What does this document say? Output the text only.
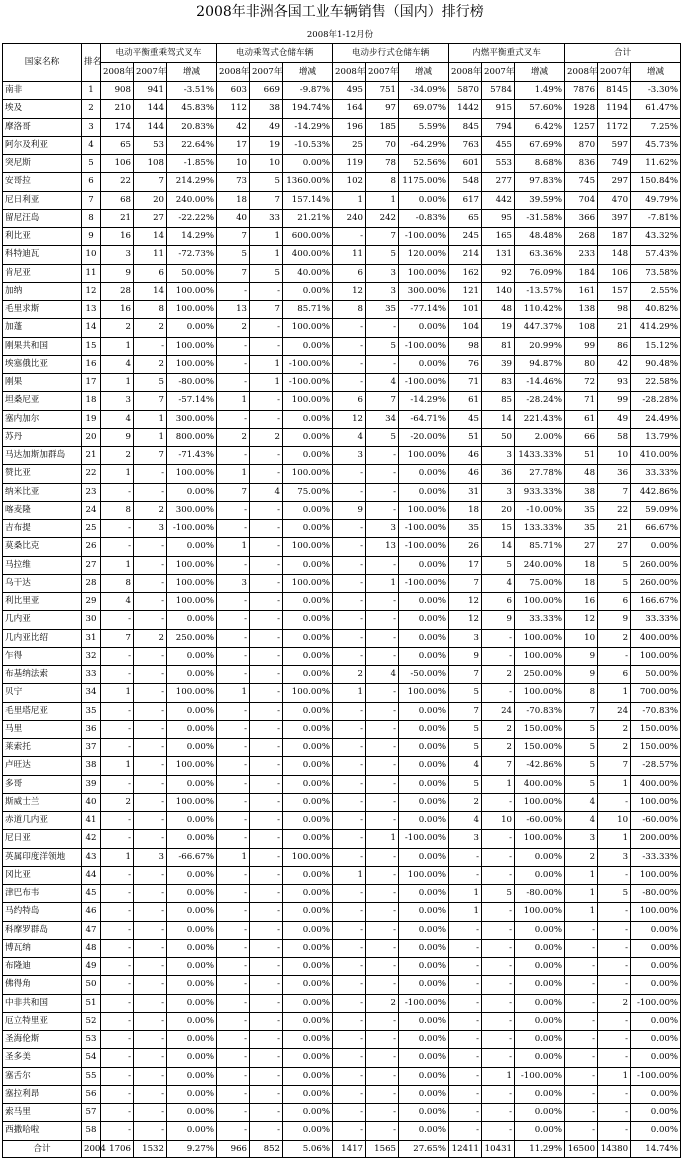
2008年非洲各国工业车辆销售（国内）排行榜
2008年1-12月份
国家名称	排名	电动平衡重乘驾式叉车			电动乘驾式仓储车辆			电动步行式仓储车辆			内燃平衡重式叉车			合计		
		2008年	2007年	增减	2008年	2007年	增减	2008年	2007年	增减	2008年	2007年	增减	2008年	2007年	增减
南非	1	908	941	-3.51%	603	669	-9.87%	495	751	-34.09%	5870	5784	1.49%	7876	8145	-3.30%
埃及	2	210	144	45.83%	112	38	194.74%	164	97	69.07%	1442	915	57.60%	1928	1194	61.47%
摩洛哥	3	174	144	20.83%	42	49	-14.29%	196	185	5.59%	845	794	6.42%	1257	1172	7.25%
阿尔及利亚	4	65	53	22.64%	17	19	-10.53%	25	70	-64.29%	763	455	67.69%	870	597	45.73%
突尼斯	5	106	108	-1.85%	10	10	0.00%	119	78	52.56%	601	553	8.68%	836	749	11.62%
安哥拉	6	22	7	214.29%	73	5	1360.00%	102	8	1175.00%	548	277	97.83%	745	297	150.84%
尼日利亚	7	68	20	240.00%	18	7	157.14%	1	1	0.00%	617	442	39.59%	704	470	49.79%
留尼汪岛	8	21	27	-22.22%	40	33	21.21%	240	242	-0.83%	65	95	-31.58%	366	397	-7.81%
利比亚	9	16	14	14.29%	7	1	600.00%	-	7	-100.00%	245	165	48.48%	268	187	43.32%
科特迪瓦	10	3	11	-72.73%	5	1	400.00%	11	5	120.00%	214	131	63.36%	233	148	57.43%
肯尼亚	11	9	6	50.00%	7	5	40.00%	6	3	100.00%	162	92	76.09%	184	106	73.58%
加纳	12	28	14	100.00%	-	-	0.00%	12	3	300.00%	121	140	-13.57%	161	157	2.55%
毛里求斯	13	16	8	100.00%	13	7	85.71%	8	35	-77.14%	101	48	110.42%	138	98	40.82%
加蓬	14	2	2	0.00%	2	-	100.00%	-	-	0.00%	104	19	447.37%	108	21	414.29%
刚果共和国	15	1	-	100.00%	-	-	0.00%	-	5	-100.00%	98	81	20.99%	99	86	15.12%
埃塞俄比亚	16	4	2	100.00%	-	1	-100.00%	-	-	0.00%	76	39	94.87%	80	42	90.48%
刚果	17	1	5	-80.00%	-	1	-100.00%	-	4	-100.00%	71	83	-14.46%	72	93	22.58%
坦桑尼亚	18	3	7	-57.14%	1	-	100.00%	6	7	-14.29%	61	85	-28.24%	71	99	-28.28%
塞内加尔	19	4	1	300.00%	-	-	0.00%	12	34	-64.71%	45	14	221.43%	61	49	24.49%
苏丹	20	9	1	800.00%	2	2	0.00%	4	5	-20.00%	51	50	2.00%	66	58	13.79%
马达加斯加群岛	21	2	7	-71.43%	-	-	0.00%	3	-	100.00%	46	3	1433.33%	51	10	410.00%
赞比亚	22	1	-	100.00%	1	-	100.00%	-	-	0.00%	46	36	27.78%	48	36	33.33%
纳米比亚	23	-	-	0.00%	7	4	75.00%	-	-	0.00%	31	3	933.33%	38	7	442.86%
喀麦隆	24	8	2	300.00%	-	-	0.00%	9	-	100.00%	18	20	-10.00%	35	22	59.09%
吉布提	25	-	3	-100.00%	-	-	0.00%	-	3	-100.00%	35	15	133.33%	35	21	66.67%
莫桑比克	26	-	-	0.00%	1	-	100.00%	-	13	-100.00%	26	14	85.71%	27	27	0.00%
马拉维	27	1	-	100.00%	-	-	0.00%	-	-	0.00%	17	5	240.00%	18	5	260.00%
乌干达	28	8	-	100.00%	3	-	100.00%	-	1	-100.00%	7	4	75.00%	18	5	260.00%
利比里亚	29	4	-	100.00%	-	-	0.00%	-	-	0.00%	12	6	100.00%	16	6	166.67%
几内亚	30	-	-	0.00%	-	-	0.00%	-	-	0.00%	12	9	33.33%	12	9	33.33%
几内亚比绍	31	7	2	250.00%	-	-	0.00%	-	-	0.00%	3	-	100.00%	10	2	400.00%
乍得	32	-	-	0.00%	-	-	0.00%	-	-	0.00%	9	-	100.00%	9	-	100.00%
布基纳法索	33	-	-	0.00%	-	-	0.00%	2	4	-50.00%	7	2	250.00%	9	6	50.00%
贝宁	34	1	-	100.00%	1	-	100.00%	1	-	100.00%	5	-	100.00%	8	1	700.00%
毛里塔尼亚	35	-	-	0.00%	-	-	0.00%	-	-	0.00%	7	24	-70.83%	7	24	-70.83%
马里	36	-	-	0.00%	-	-	0.00%	-	-	0.00%	5	2	150.00%	5	2	150.00%
莱索托	37	-	-	0.00%	-	-	0.00%	-	-	0.00%	5	2	150.00%	5	2	150.00%
卢旺达	38	1	-	100.00%	-	-	0.00%	-	-	0.00%	4	7	-42.86%	5	7	-28.57%
多哥	39	-	-	0.00%	-	-	0.00%	-	-	0.00%	5	1	400.00%	5	1	400.00%
斯威士兰	40	2	-	100.00%	-	-	0.00%	-	-	0.00%	2	-	100.00%	4	-	100.00%
赤道几内亚	41	-	-	0.00%	-	-	0.00%	-	-	0.00%	4	10	-60.00%	4	10	-60.00%
尼日亚	42	-	-	0.00%	-	-	0.00%	-	1	-100.00%	3	-	100.00%	3	1	200.00%
英属印度洋领地	43	1	3	-66.67%	1	-	100.00%	-	-	0.00%	-	-	0.00%	2	3	-33.33%
冈比亚	44	-	-	0.00%	-	-	0.00%	1	-	100.00%	-	-	0.00%	1	-	100.00%
津巴布韦	45	-	-	0.00%	-	-	0.00%	-	-	0.00%	1	5	-80.00%	1	5	-80.00%
马约特岛	46	-	-	0.00%	-	-	0.00%	-	-	0.00%	1	-	100.00%	1	-	100.00%
科摩罗群岛	47	-	-	0.00%	-	-	0.00%	-	-	0.00%	-	-	0.00%	-	-	0.00%
博瓦纳	48	-	-	0.00%	-	-	0.00%	-	-	0.00%	-	-	0.00%	-	-	0.00%
布隆迪	49	-	-	0.00%	-	-	0.00%	-	-	0.00%	-	-	0.00%	-	-	0.00%
佛得角	50	-	-	0.00%	-	-	0.00%	-	-	0.00%	-	-	0.00%	-	-	0.00%
中非共和国	51	-	-	0.00%	-	-	0.00%	-	2	-100.00%	-	-	0.00%	-	2	-100.00%
厄立特里亚	52	-	-	0.00%	-	-	0.00%	-	-	0.00%	-	-	0.00%	-	-	0.00%
圣海伦斯	53	-	-	0.00%	-	-	0.00%	-	-	0.00%	-	-	0.00%	-	-	0.00%
圣多美	54	-	-	0.00%	-	-	0.00%	-	-	0.00%	-	-	0.00%	-	-	0.00%
塞舌尔	55	-	-	0.00%	-	-	0.00%	-	-	0.00%	-	1	-100.00%	-	1	-100.00%
塞拉利昂	56	-	-	0.00%	-	-	0.00%	-	-	0.00%	-	-	0.00%	-	-	0.00%
索马里	57	-	-	0.00%	-	-	0.00%	-	-	0.00%	-	-	0.00%	-	-	0.00%
西撒哈啦	58	-	-	0.00%	-	-	0.00%	-	-	0.00%	-	-	0.00%	-	-	0.00%
合计	2004	1706	1532	9.27%	966	852	5.06%	1417	1565	27.65%	12411	10431	11.29%	16500	14380	14.74%
